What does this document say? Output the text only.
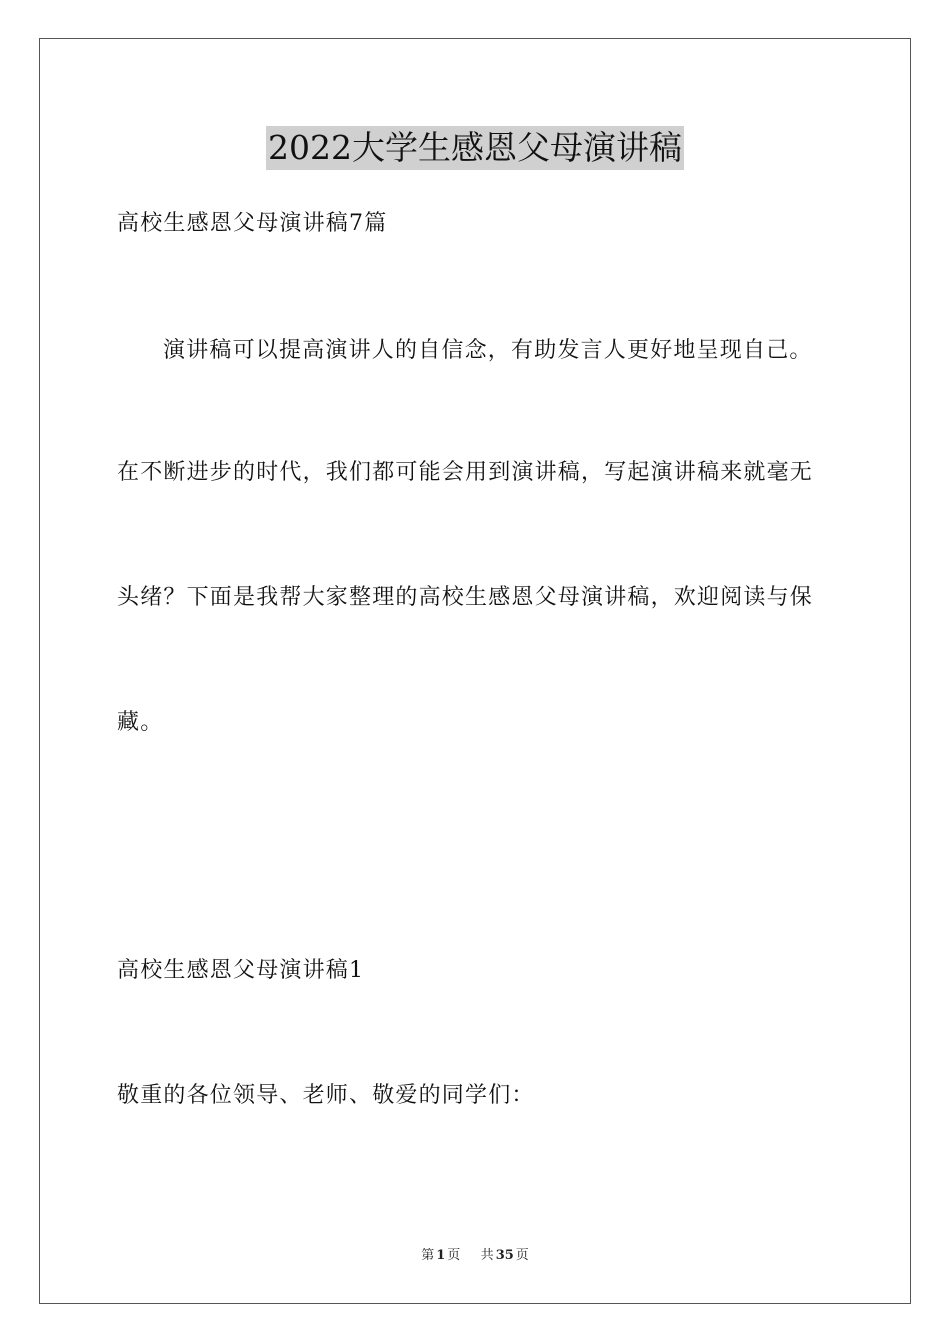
2022大学生感恩父母演讲稿
高校生感恩父母演讲稿7篇
演讲稿可以提高演讲人的自信念，有助发言人更好地呈现自己。
在不断进步的时代，我们都可能会用到演讲稿，写起演讲稿来就毫无
头绪？下面是我帮大家整理的高校生感恩父母演讲稿，欢迎阅读与保
藏。
高校生感恩父母演讲稿1
敬重的各位领导、老师、敬爱的同学们：
第 1 页 共 35 页
